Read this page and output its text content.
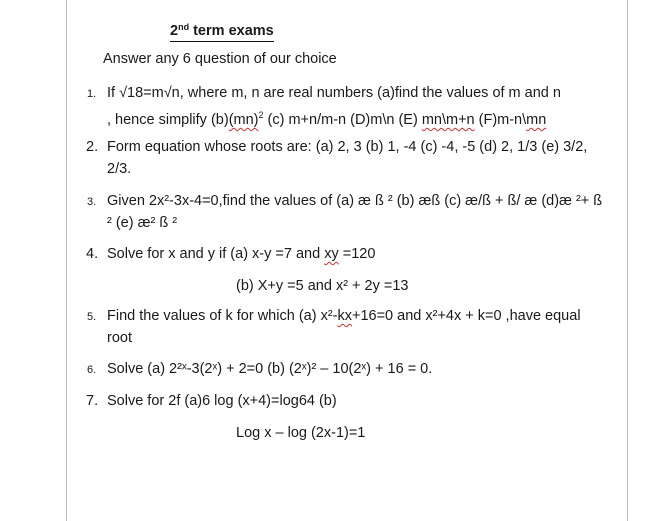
2nd term exams
Answer any 6 question of our choice
1. If √18=m√n, where m, n are real numbers (a)find the values of m and n
, hence simplify (b)(mn)$^2$ (c) m+n/m-n (D)m\n (E) mn\m+n (F)m-n\mn
2. Form equation whose roots are: (a) 2, 3 (b) 1, -4 (c) -4, -5 (d) 2, 1/3 (e) 3/2,
2/3.
3. Given 2x²-3x-4=0,find the values of (a) æ ß ² (b) æß (c) æ/ß + ß/ æ (d)æ ²+ ß
² (e) æ² ß ²
4. Solve for x and y if (a) x-y =7 and xy =120
(b) X+y =5 and x² + 2y =13
5. Find the values of k for which (a) x²-kx+16=0 and x²+4x + k=0 ,have equal
root
6. Solve (a) 2²ˣ-3(2ˣ) + 2=0 (b) (2ˣ)² – 10(2ˣ) + 16 = 0.
7. Solve for 2f (a)6 log (x+4)=log64 (b)
Log x – log (2x-1)=1
